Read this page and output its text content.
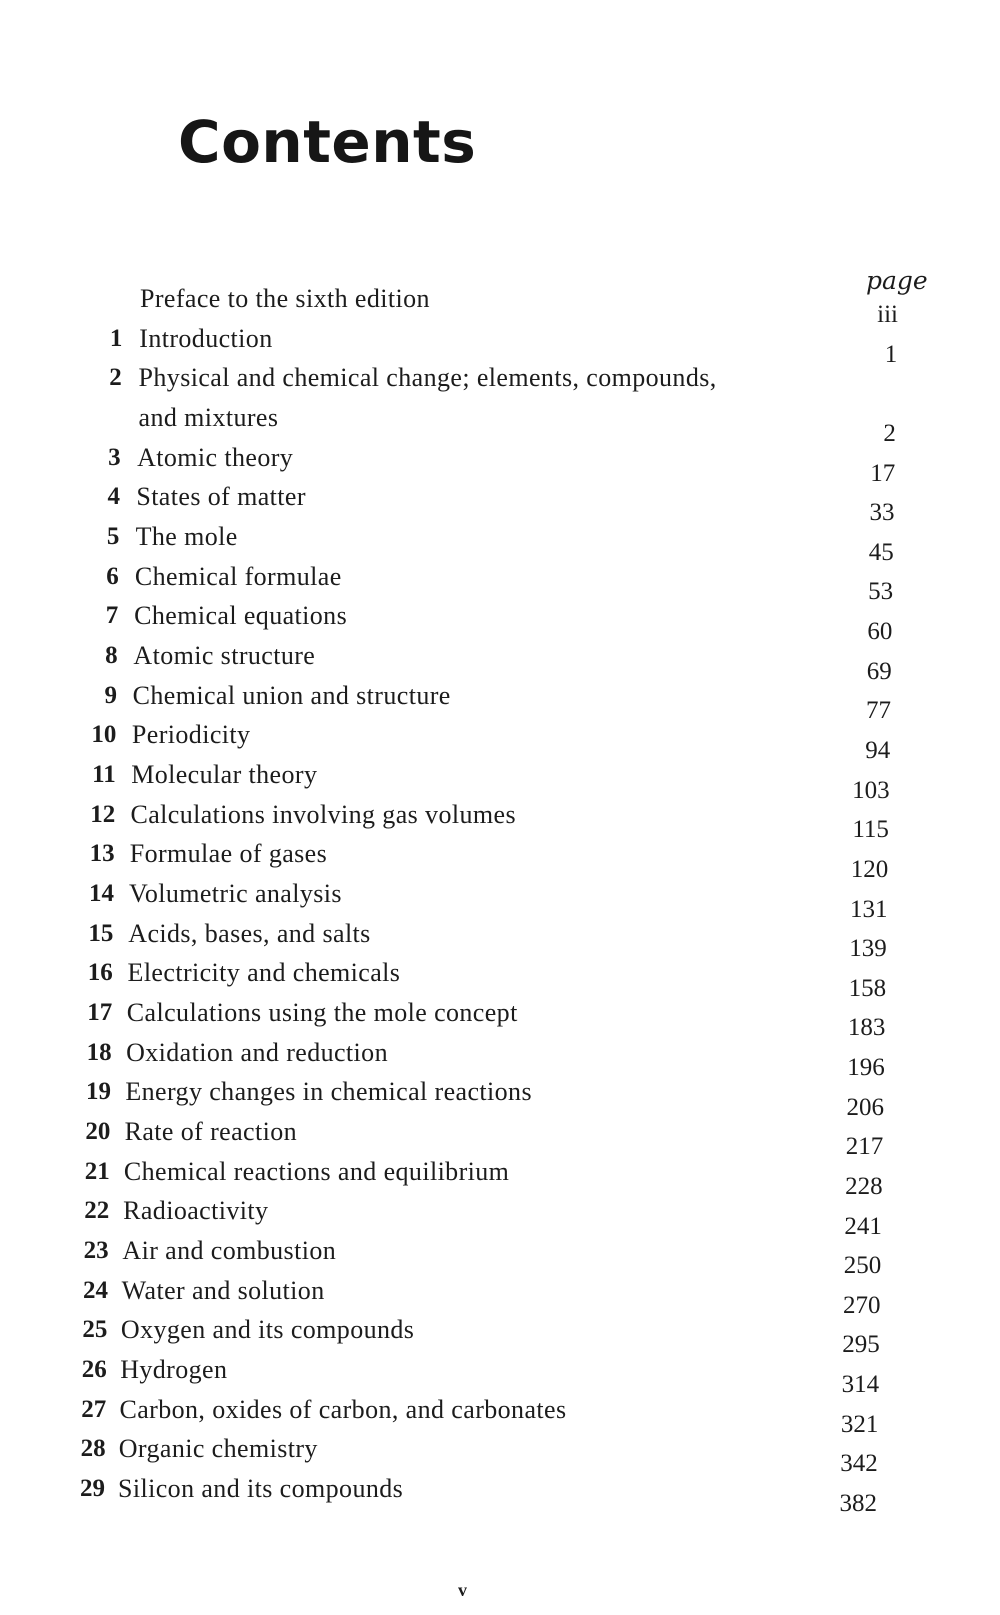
Contents
page
Preface to the sixth edition
iii
1 Introduction
1
2 Physical and chemical change; elements, compounds,
and mixtures
2
3 Atomic theory
17
4 States of matter
33
5 The mole
45
6 Chemical formulae
53
7 Chemical equations
60
8 Atomic structure
69
9 Chemical union and structure
77
10 Periodicity
94
11 Molecular theory
103
12 Calculations involving gas volumes
115
13 Formulae of gases
120
14 Volumetric analysis
131
15 Acids, bases, and salts
139
16 Electricity and chemicals
158
17 Calculations using the mole concept
183
18 Oxidation and reduction
196
19 Energy changes in chemical reactions
206
20 Rate of reaction
217
21 Chemical reactions and equilibrium
228
22 Radioactivity
241
23 Air and combustion
250
24 Water and solution
270
25 Oxygen and its compounds
295
26 Hydrogen
314
27 Carbon, oxides of carbon, and carbonates
321
28 Organic chemistry
342
29 Silicon and its compounds
382
v
